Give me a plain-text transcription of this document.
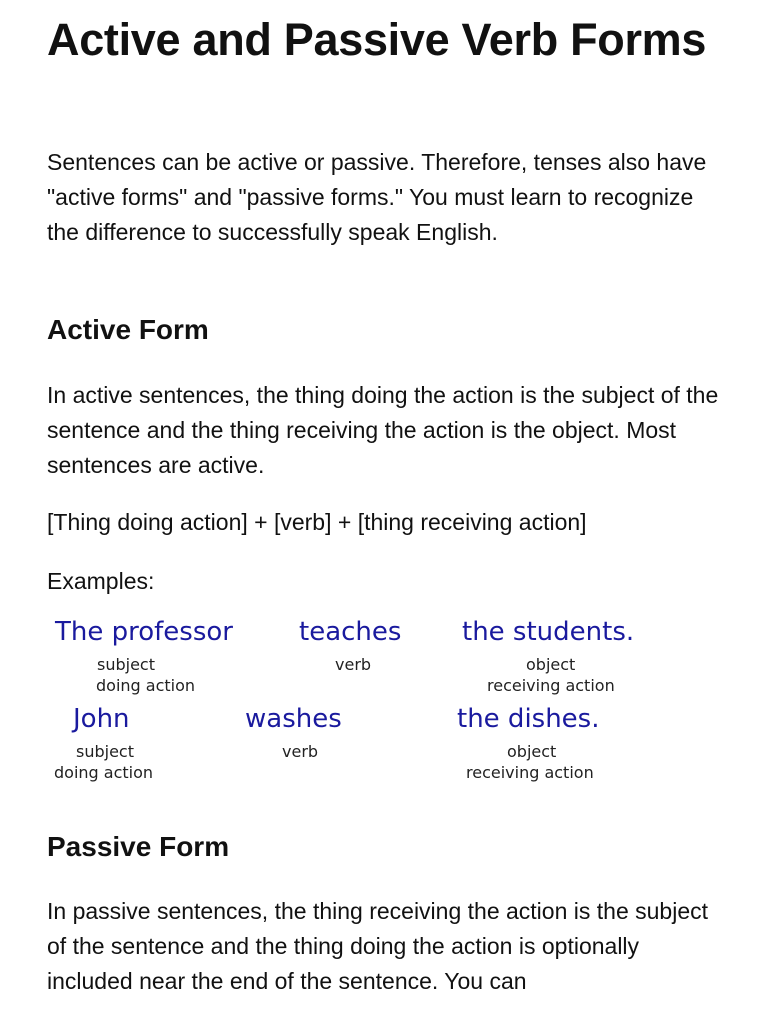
Active and Passive Verb Forms

Sentences can be active or passive. Therefore, tenses also have "active forms" and "passive forms." You must learn to recognize the difference to successfully speak English.

Active Form

In active sentences, the thing doing the action is the subject of the sentence and the thing receiving the action is the object. Most sentences are active.

[Thing doing action] + [verb] + [thing receiving action]

Examples:

The professor
subject
doing action
teaches
verb
the students.
object
receiving action
John
subject
doing action
washes
verb
the dishes.
object
receiving action
Passive Form

In passive sentences, the thing receiving the action is the subject of the sentence and the thing doing the action is optionally included near the end of the sentence. You can
